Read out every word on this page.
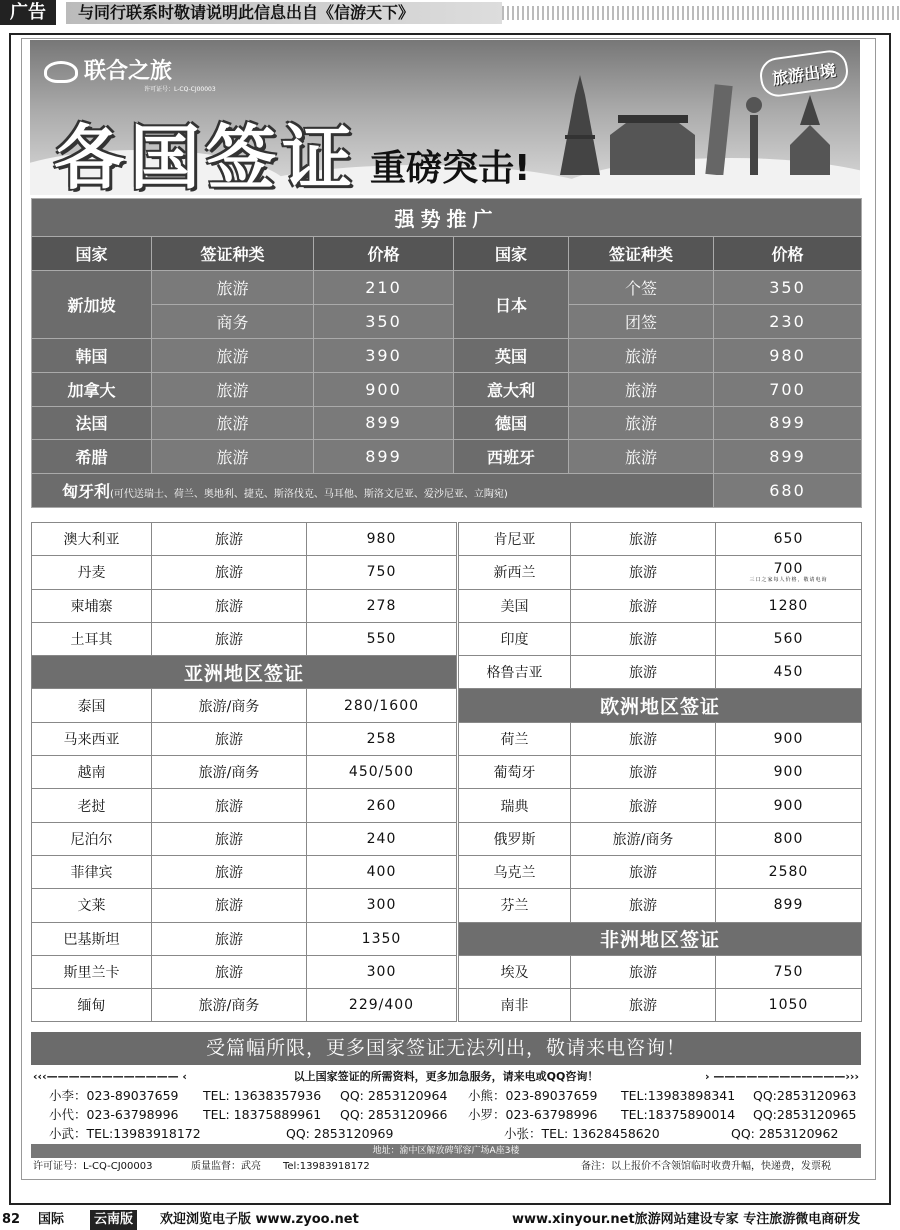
广告	与同行联系时敬请说明此信息出自《信游天下》
联合之旅
许可证号：L-CQ-CJ00003
各国签证 重磅突击!
旅游出境
强势推广					
国家	签证种类	价格	国家	签证种类	价格
新加坡	旅游	210	日本	个签	350
	商务	350		团签	230
韩国	旅游	390	英国	旅游	980
加拿大	旅游	900	意大利	旅游	700
法国	旅游	899	德国	旅游	899
希腊	旅游	899	西班牙	旅游	899
匈牙利(可代送瑞士、荷兰、奥地利、捷克、斯洛伐克、马耳他、斯洛文尼亚、爱沙尼亚、立陶宛)					680
澳大利亚	旅游	980
丹麦	旅游	750
柬埔寨	旅游	278
土耳其	旅游	550
亚洲地区签证		
泰国	旅游/商务	280/1600
马来西亚	旅游	258
越南	旅游/商务	450/500
老挝	旅游	260
尼泊尔	旅游	240
菲律宾	旅游	400
文莱	旅游	300
巴基斯坦	旅游	1350
斯里兰卡	旅游	300
缅甸	旅游/商务	229/400
肯尼亚	旅游	650
新西兰	旅游	700
三口之家每人价格，敬请电询

美国	旅游	1280
印度	旅游	560
格鲁吉亚	旅游	450
欧洲地区签证		
荷兰	旅游	900
葡萄牙	旅游	900
瑞典	旅游	900
俄罗斯	旅游/商务	800
乌克兰	旅游	2580
芬兰	旅游	899
非洲地区签证		
埃及	旅游	750
南非	旅游	1050
受篇幅所限，更多国家签证无法列出，敬请来电咨询！
‹‹‹———————————— ‹	以上国家签证的所需资料，更多加急服务，请来电或QQ咨询！	› ————————————›››
小李：023-89037659 TEL: 13638357936 QQ: 2853120964 小熊：023-89037659 TEL:13983898341 QQ:2853120963
小代：023-63798996 TEL: 18375889961 QQ: 2853120966 小罗：023-63798996 TEL:18375890014 QQ:2853120965
小武：TEL:13983918172	QQ: 2853120969	小张：TEL: 13628458620	QQ: 2853120962
地址：渝中区解放碑邹容广场A座3楼
许可证号：L-CQ-CJ00003	质量监督：武亮 Tel:13983918172	备注：以上报价不含领馆临时收费升幅，快递费，发票税
82 国际	云南版	欢迎浏览电子版 www.zyoo.net	www.xinyour.net旅游网站建设专家 专注旅游微电商研发
